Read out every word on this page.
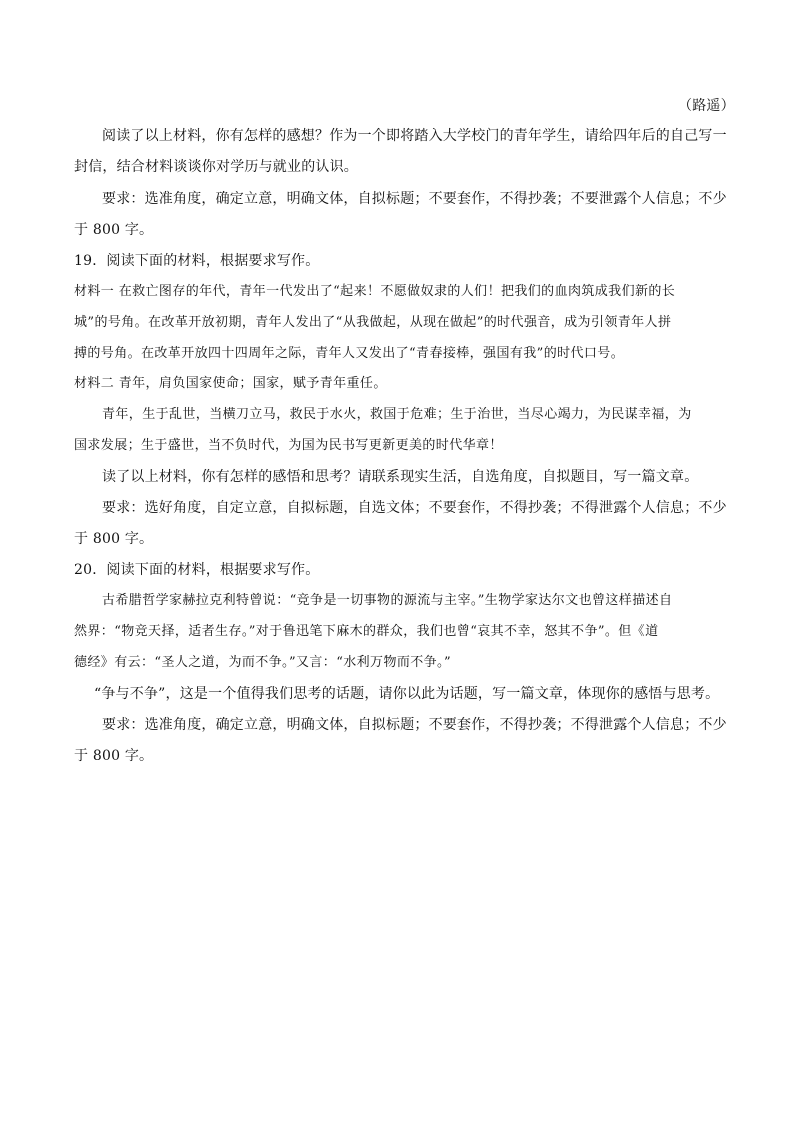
（路遥）
阅读了以上材料，你有怎样的感想？作为一个即将踏入大学校门的青年学生，请给四年后的自己写一
封信，结合材料谈谈你对学历与就业的认识。
要求：选准角度，确定立意，明确文体，自拟标题；不要套作，不得抄袭；不要泄露个人信息；不少
于 800 字。
19．阅读下面的材料，根据要求写作。
材料一 在救亡图存的年代，青年一代发出了“起来！不愿做奴隶的人们！把我们的血肉筑成我们新的长
城”的号角。在改革开放初期，青年人发出了“从我做起，从现在做起”的时代强音，成为引领青年人拼
搏的号角。在改革开放四十四周年之际，青年人又发出了“青春接棒，强国有我”的时代口号。
材料二 青年，肩负国家使命；国家，赋予青年重任。
青年，生于乱世，当横刀立马，救民于水火，救国于危难；生于治世，当尽心竭力，为民谋幸福，为
国求发展；生于盛世，当不负时代，为国为民书写更新更美的时代华章！
读了以上材料，你有怎样的感悟和思考？请联系现实生活，自选角度，自拟题目，写一篇文章。
要求：选好角度，自定立意，自拟标题，自选文体；不要套作，不得抄袭；不得泄露个人信息；不少
于 800 字。
20．阅读下面的材料，根据要求写作。
古希腊哲学家赫拉克利特曾说：“竞争是一切事物的源流与主宰。”生物学家达尔文也曾这样描述自
然界：“物竞天择，适者生存。”对于鲁迅笔下麻木的群众，我们也曾“哀其不幸，怒其不争”。但《道
德经》有云：“圣人之道，为而不争。”又言：“水利万物而不争。”
“争与不争”，这是一个值得我们思考的话题，请你以此为话题，写一篇文章，体现你的感悟与思考。
要求：选准角度，确定立意，明确文体，自拟标题；不要套作，不得抄袭；不得泄露个人信息；不少
于 800 字。
